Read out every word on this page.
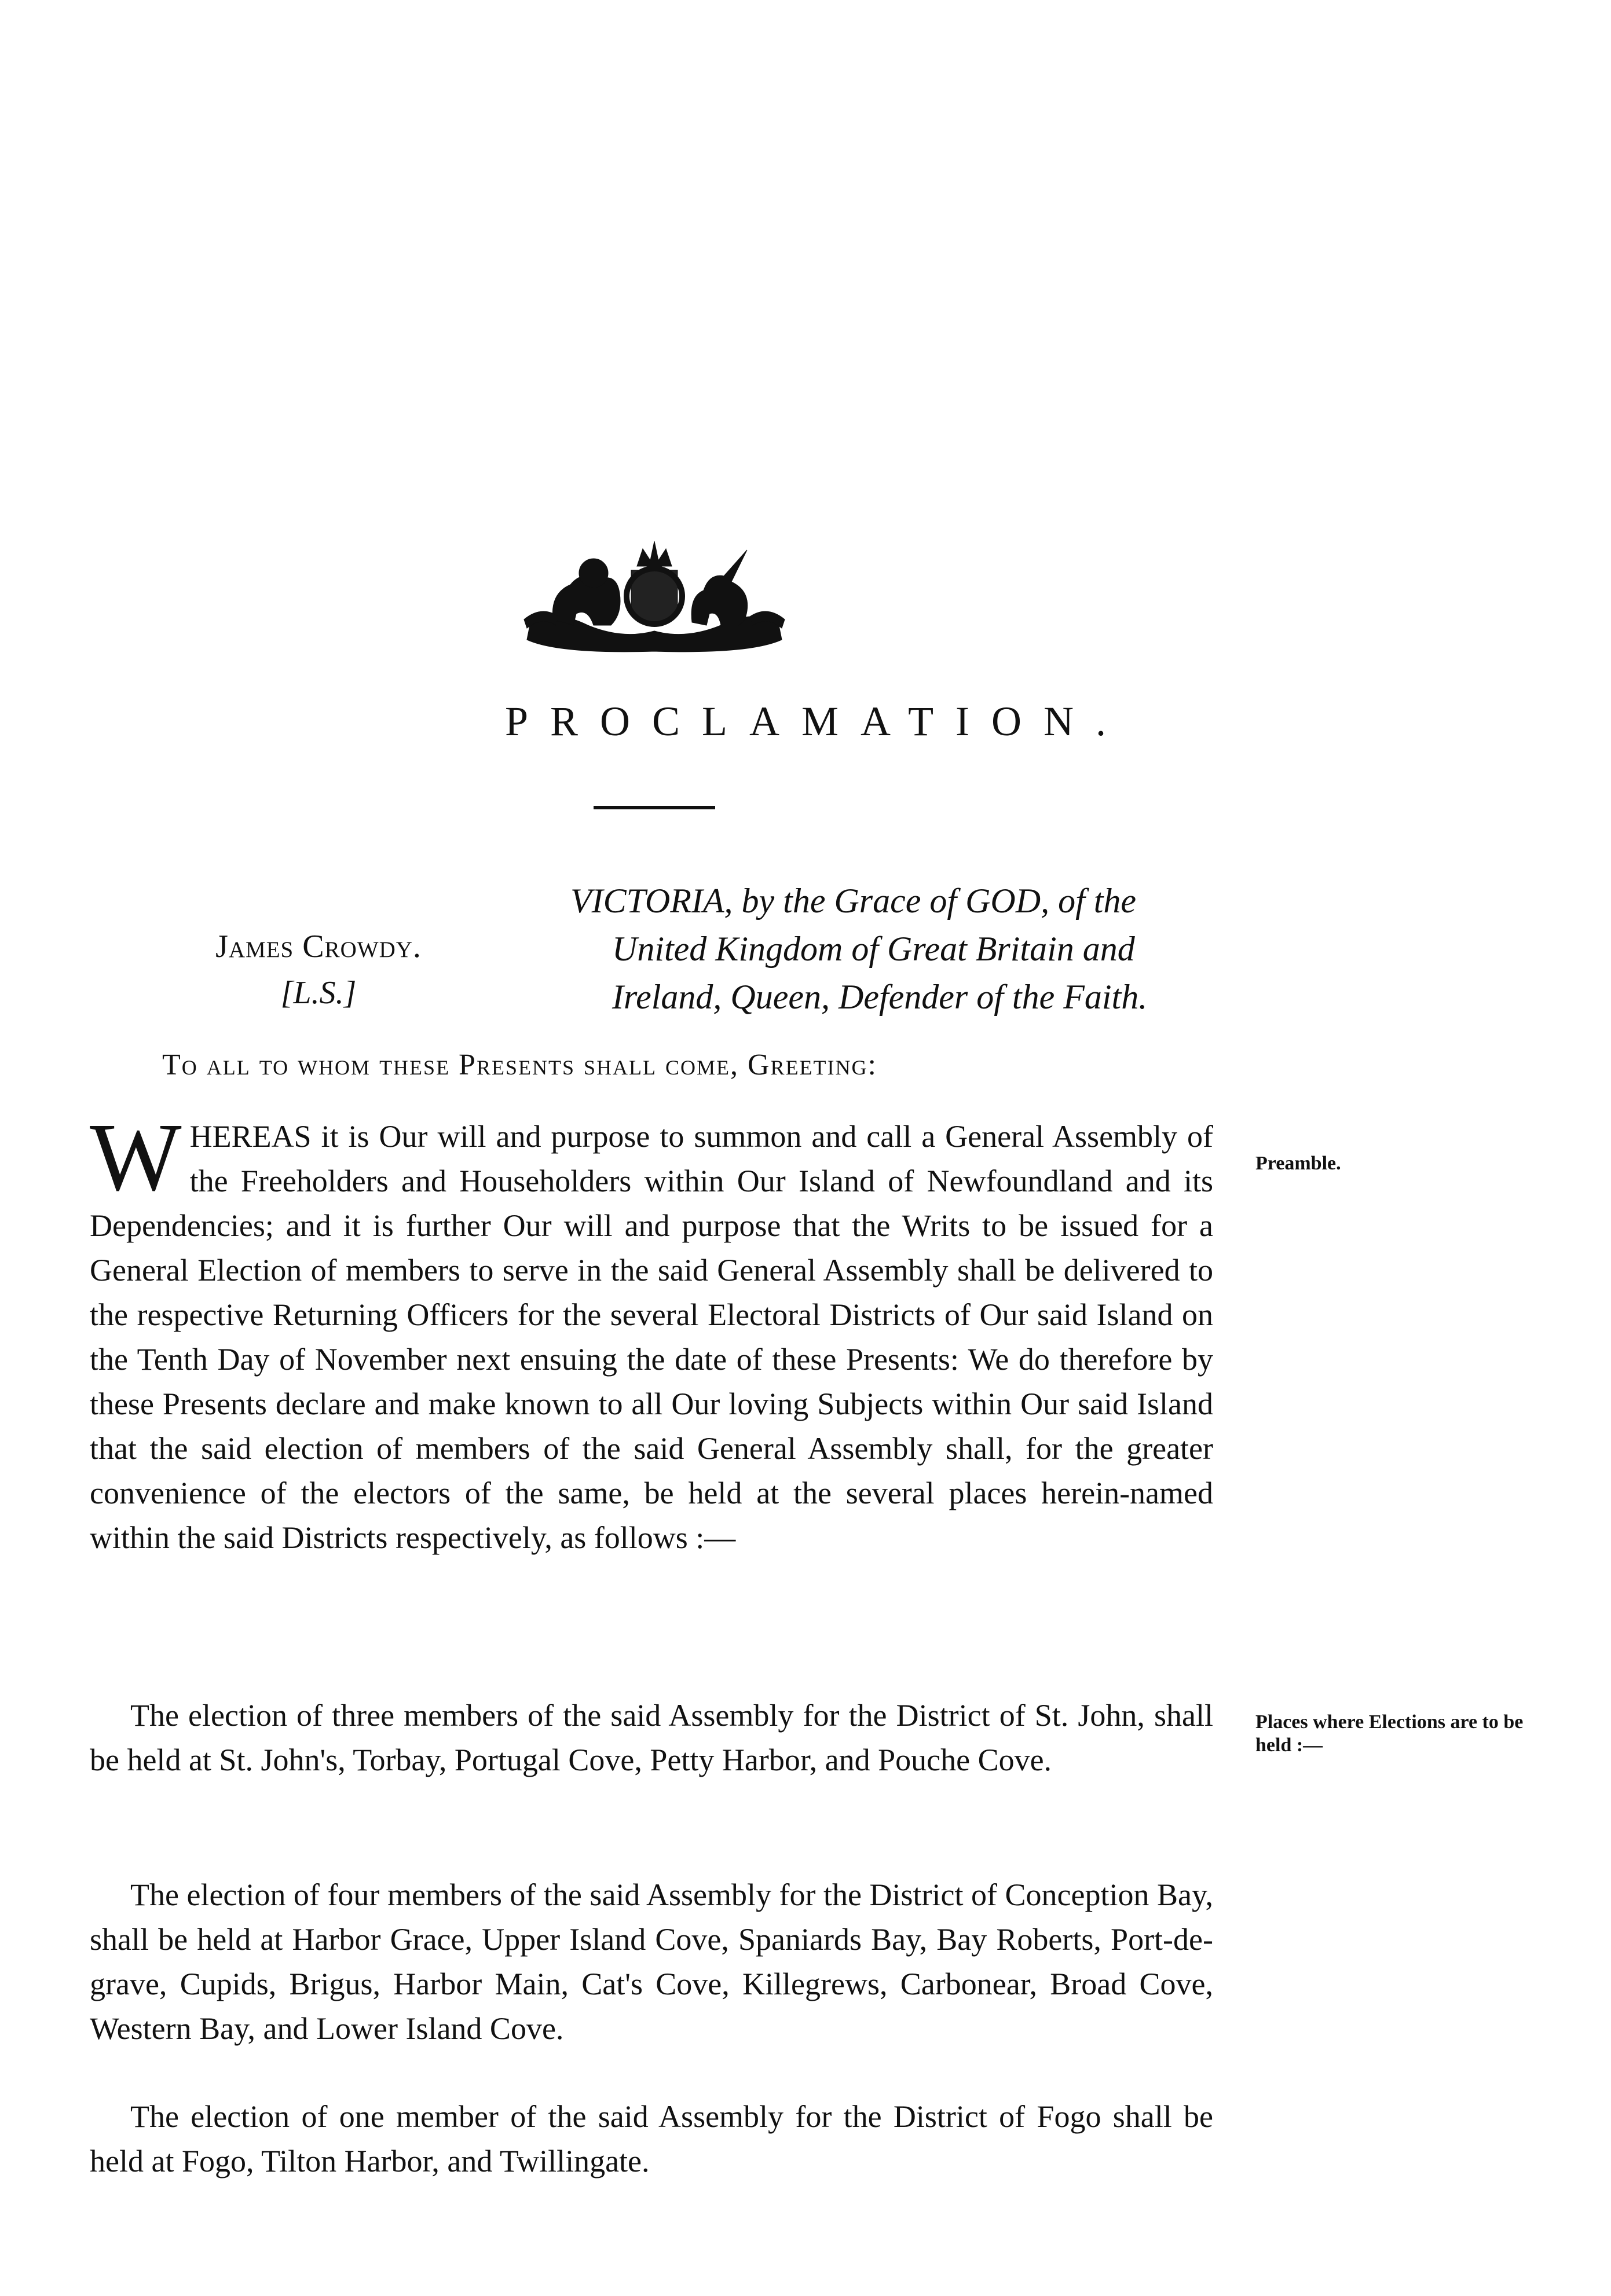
PROCLAMATION.
James Crowdy.
[L.S.]
VICTORIA, by the Grace of GOD, of the
United Kingdom of Great Britain and
Ireland, Queen, Defender of the Faith.
To all to whom these Presents shall come, Greeting:
WHEREAS it is Our will and purpose to summon and call a General Assembly of the Freeholders and Householders within Our Island of Newfoundland and its Dependencies; and it is further Our will and purpose that the Writs to be issued for a General Election of members to serve in the said General Assembly shall be delivered to the respective Returning Officers for the several Electoral Districts of Our said Island on the Tenth Day of November next ensuing the date of these Presents: We do therefore by these Presents declare and make known to all Our loving Subjects within Our said Island that the said election of members of the said General Assembly shall, for the greater convenience of the electors of the same, be held at the several places herein-named within the said Districts respectively, as follows :—
Preamble.
The election of three members of the said Assembly for the District of St. John, shall be held at St. John's, Torbay, Portugal Cove, Petty Harbor, and Pouche Cove.
Places where Elections are to be held :—
The election of four members of the said Assembly for the District of Conception Bay, shall be held at Harbor Grace, Upper Island Cove, Spaniards Bay, Bay Roberts, Port-de-grave, Cupids, Brigus, Harbor Main, Cat's Cove, Killegrews, Carbonear, Broad Cove, Western Bay, and Lower Island Cove.
The election of one member of the said Assembly for the District of Fogo shall be held at Fogo, Tilton Harbor, and Twillingate.
